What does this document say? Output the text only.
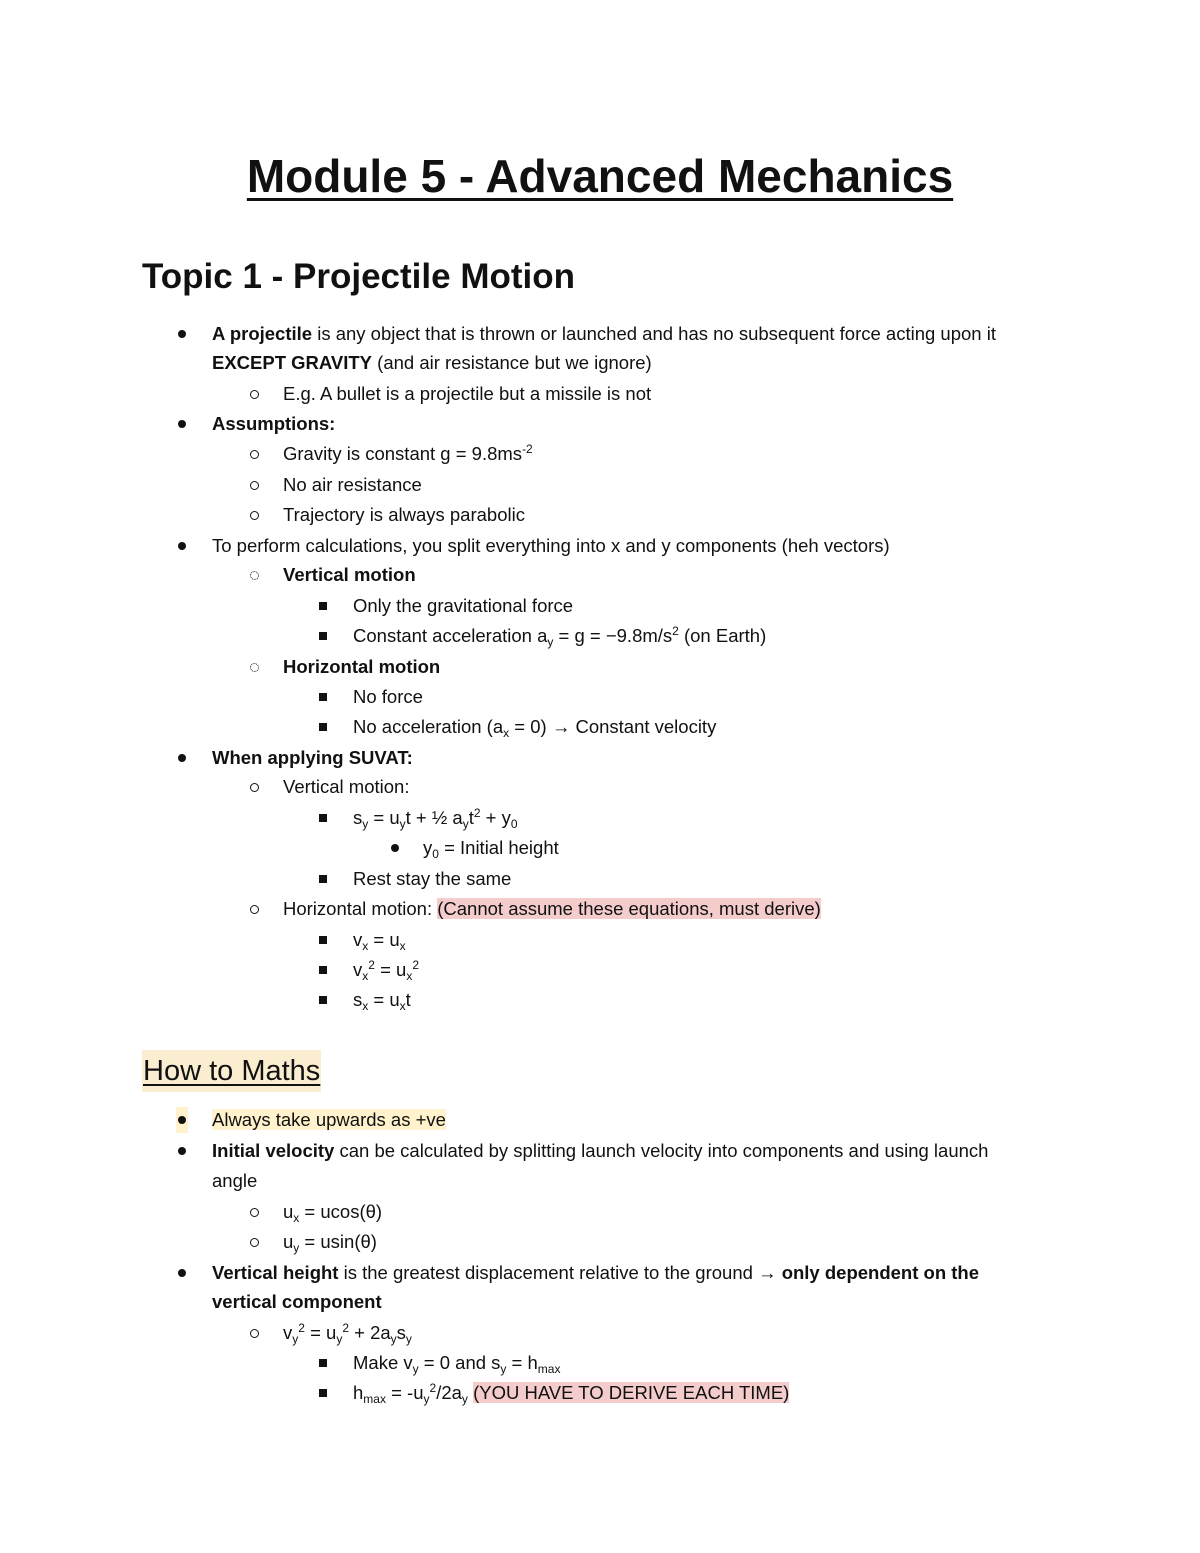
Module 5 - Advanced Mechanics
Topic 1 - Projectile Motion
A projectile is any object that is thrown or launched and has no subsequent force acting upon it
EXCEPT GRAVITY (and air resistance but we ignore)
E.g. A bullet is a projectile but a missile is not
Assumptions:
Gravity is constant $g = 9.8ms^{-2}$
No air resistance
Trajectory is always parabolic
To perform calculations, you split everything into x and y components (heh vectors)
Vertical motion
Only the gravitational force
Constant acceleration $a_y = g = -9.8m/s^2$ (on Earth)
Horizontal motion
No force
No acceleration $(a_x = 0)$ → Constant velocity
When applying SUVAT:
Vertical motion:
$s_y = u_yt$ + ½ $a_yt^2 + y_0$
$y_0$ = Initial height
Rest stay the same
Horizontal motion: (Cannot assume these equations, must derive)
$v_x = u_x$
$v_x^2 = u_x^2$
$s_x = u_xt$
How to Maths
Always take upwards as +ve
Initial velocity can be calculated by splitting launch velocity into components and using launch
angle
$u_x = ucos(\theta)$
$u_y = usin(\theta)$
Vertical height is the greatest displacement relative to the ground → only dependent on the
vertical component
$v_y^2 = u_y^2 + 2a_ys_y$
Make $v_y = 0$ and $s_y = h_{max}$
$h_{max} = -u_y^2/2a_y$ (YOU HAVE TO DERIVE EACH TIME)
